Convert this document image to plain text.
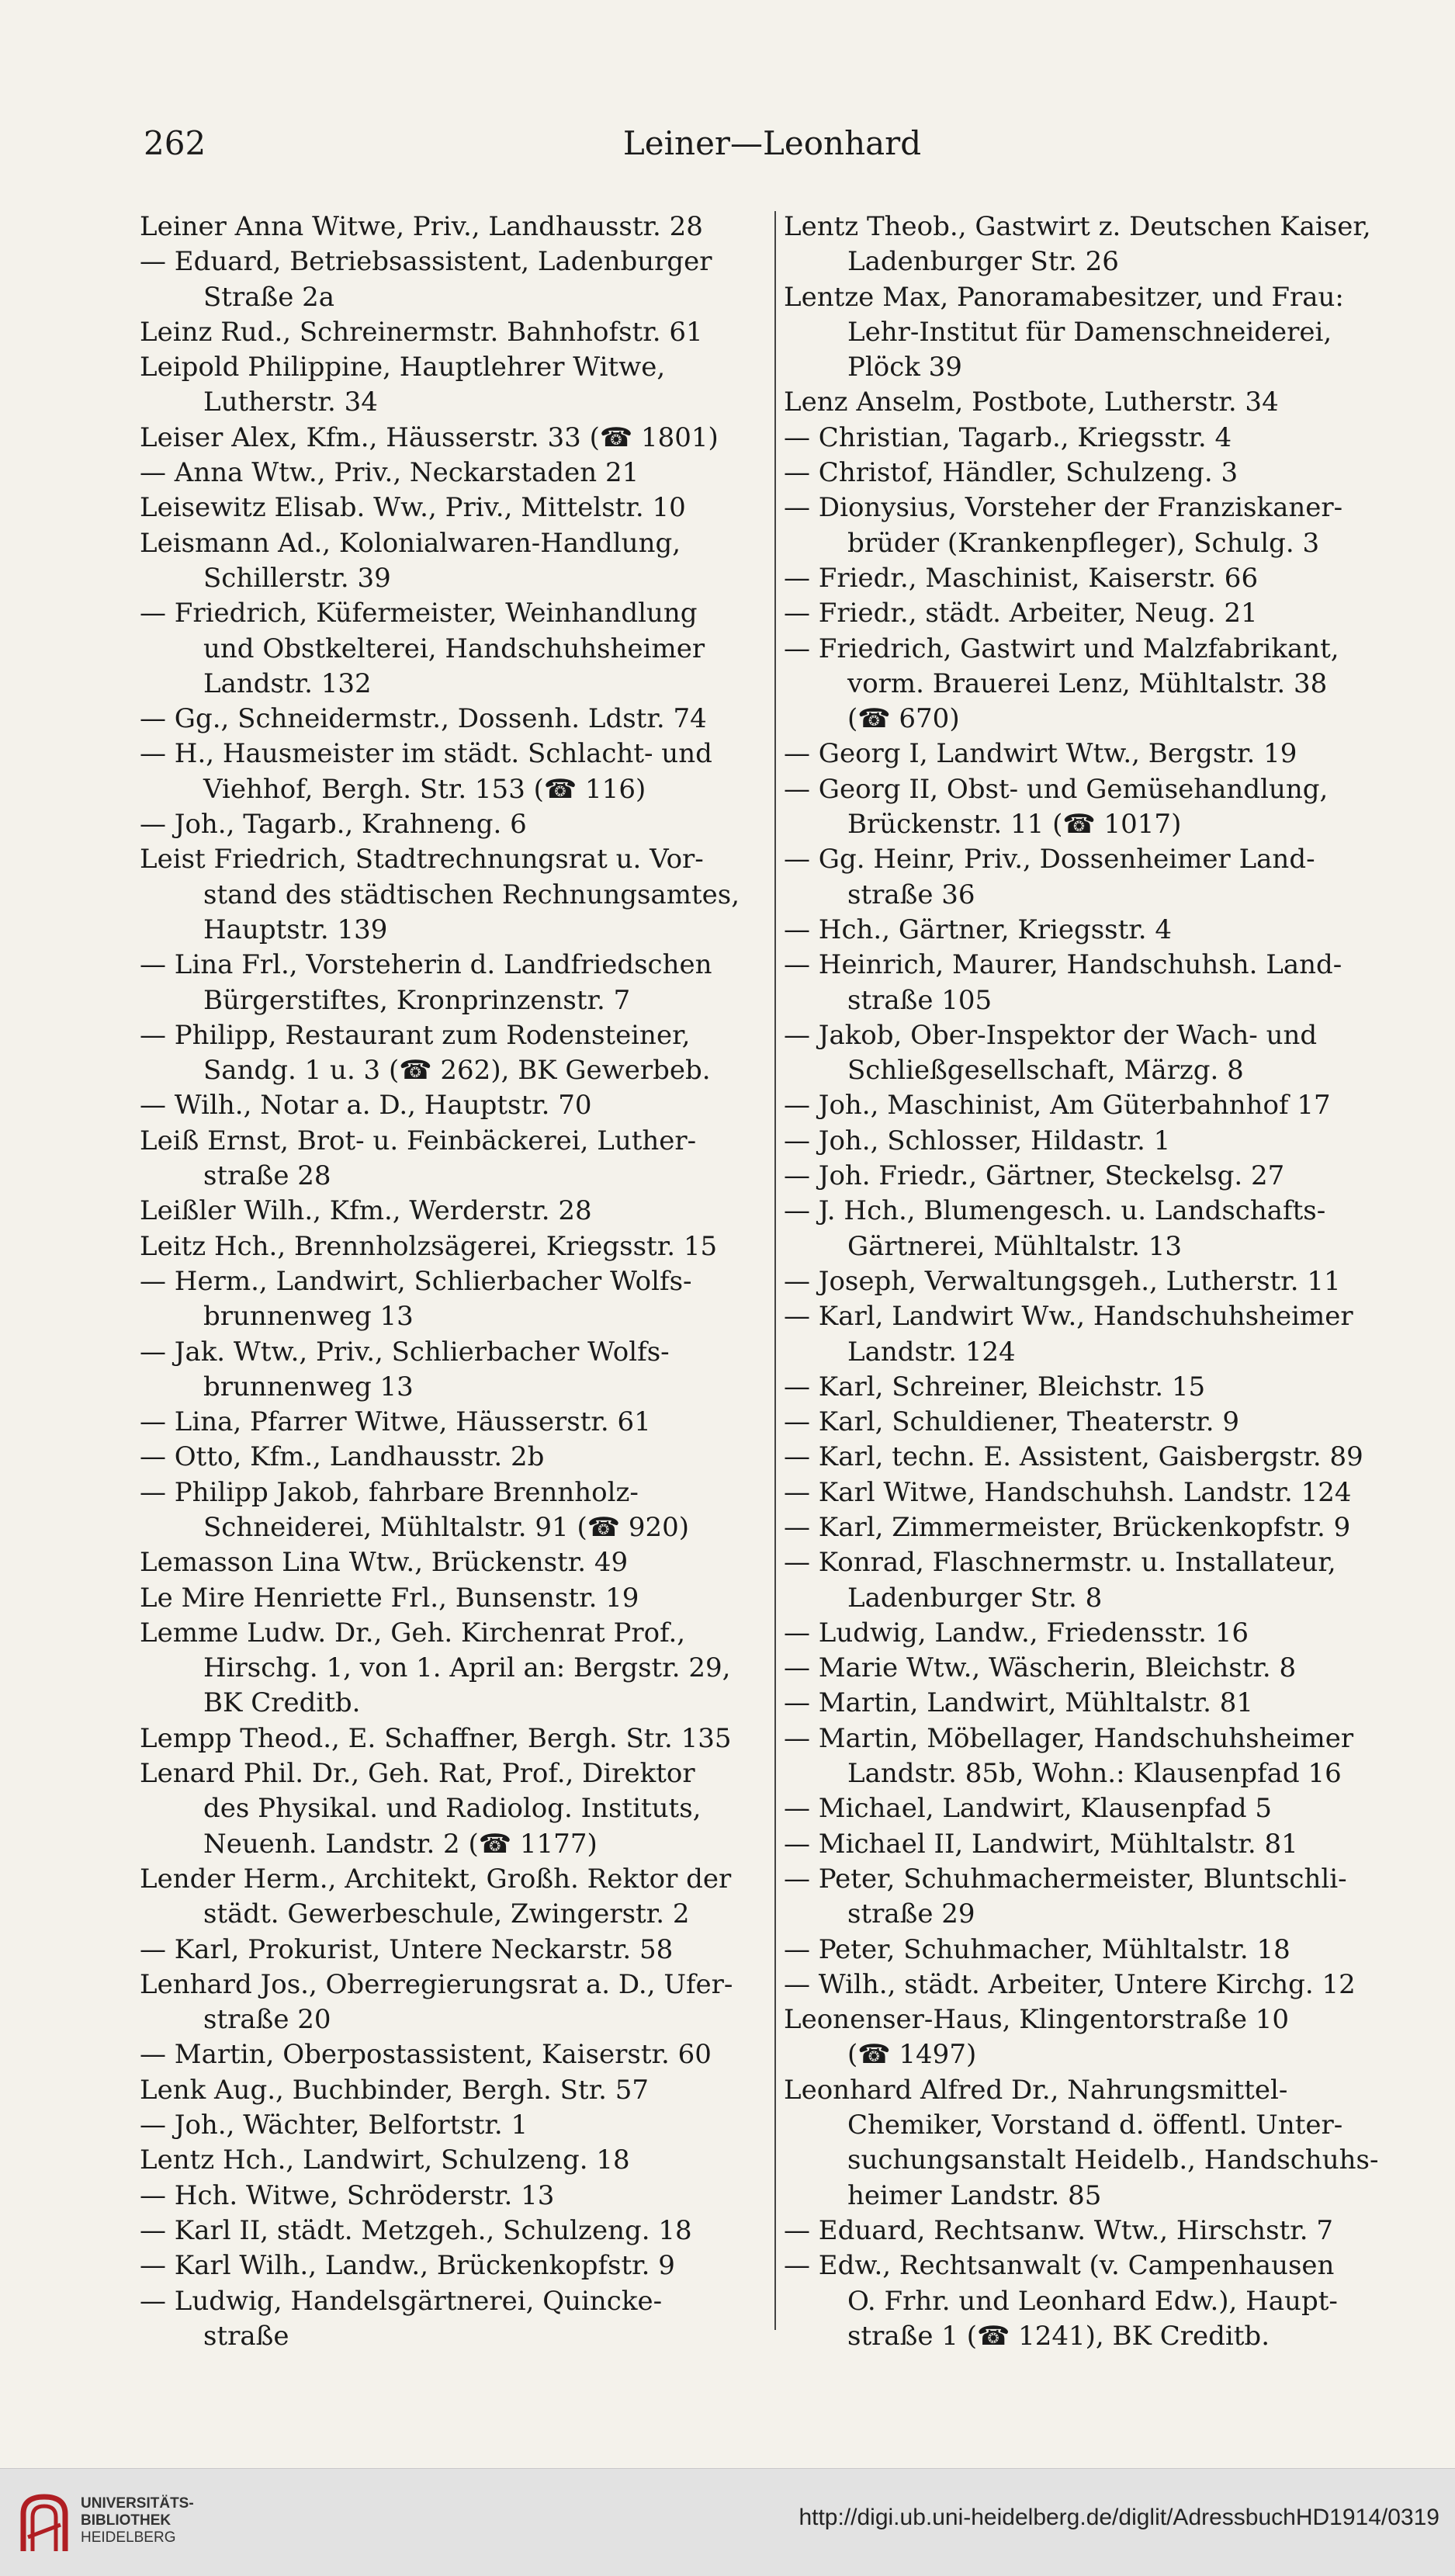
262	Leiner—Leonhard
Leiner Anna Witwe, Priv., Landhausstr. 28
— Eduard, Betriebsassistent, Ladenburger
Straße 2a
Leinz Rud., Schreinermstr. Bahnhofstr. 61
Leipold Philippine, Hauptlehrer Witwe,
Lutherstr. 34
Leiser Alex, Kfm., Häusserstr. 33 (☎ 1801)
— Anna Wtw., Priv., Neckarstaden 21
Leisewitz Elisab. Ww., Priv., Mittelstr. 10
Leismann Ad., Kolonialwaren-Handlung,
Schillerstr. 39
— Friedrich, Küfermeister, Weinhandlung
und Obstkelterei, Handschuhsheimer
Landstr. 132
— Gg., Schneidermstr., Dossenh. Ldstr. 74
— H., Hausmeister im städt. Schlacht- und
Viehhof, Bergh. Str. 153 (☎ 116)
— Joh., Tagarb., Krahneng. 6
Leist Friedrich, Stadtrechnungsrat u. Vor-
stand des städtischen Rechnungsamtes,
Hauptstr. 139
— Lina Frl., Vorsteherin d. Landfriedschen
Bürgerstiftes, Kronprinzenstr. 7
— Philipp, Restaurant zum Rodensteiner,
Sandg. 1 u. 3 (☎ 262), BK Gewerbeb.
— Wilh., Notar a. D., Hauptstr. 70
Leiß Ernst, Brot- u. Feinbäckerei, Luther-
straße 28
Leißler Wilh., Kfm., Werderstr. 28
Leitz Hch., Brennholzsägerei, Kriegsstr. 15
— Herm., Landwirt, Schlierbacher Wolfs-
brunnenweg 13
— Jak. Wtw., Priv., Schlierbacher Wolfs-
brunnenweg 13
— Lina, Pfarrer Witwe, Häusserstr. 61
— Otto, Kfm., Landhausstr. 2b
— Philipp Jakob, fahrbare Brennholz-
Schneiderei, Mühltalstr. 91 (☎ 920)
Lemasson Lina Wtw., Brückenstr. 49
Le Mire Henriette Frl., Bunsenstr. 19
Lemme Ludw. Dr., Geh. Kirchenrat Prof.,
Hirschg. 1, von 1. April an: Bergstr. 29,
BK Creditb.
Lempp Theod., E. Schaffner, Bergh. Str. 135
Lenard Phil. Dr., Geh. Rat, Prof., Direktor
des Physikal. und Radiolog. Instituts,
Neuenh. Landstr. 2 (☎ 1177)
Lender Herm., Architekt, Großh. Rektor der
städt. Gewerbeschule, Zwingerstr. 2
— Karl, Prokurist, Untere Neckarstr. 58
Lenhard Jos., Oberregierungsrat a. D., Ufer-
straße 20
— Martin, Oberpostassistent, Kaiserstr. 60
Lenk Aug., Buchbinder, Bergh. Str. 57
— Joh., Wächter, Belfortstr. 1
Lentz Hch., Landwirt, Schulzeng. 18
— Hch. Witwe, Schröderstr. 13
— Karl II, städt. Metzgeh., Schulzeng. 18
— Karl Wilh., Landw., Brückenkopfstr. 9
— Ludwig, Handelsgärtnerei, Quincke-
straße
Lentz Theob., Gastwirt z. Deutschen Kaiser,
Ladenburger Str. 26
Lentze Max, Panoramabesitzer, und Frau:
Lehr-Institut für Damenschneiderei,
Plöck 39
Lenz Anselm, Postbote, Lutherstr. 34
— Christian, Tagarb., Kriegsstr. 4
— Christof, Händler, Schulzeng. 3
— Dionysius, Vorsteher der Franziskaner-
brüder (Krankenpfleger), Schulg. 3
— Friedr., Maschinist, Kaiserstr. 66
— Friedr., städt. Arbeiter, Neug. 21
— Friedrich, Gastwirt und Malzfabrikant,
vorm. Brauerei Lenz, Mühltalstr. 38
(☎ 670)
— Georg I, Landwirt Wtw., Bergstr. 19
— Georg II, Obst- und Gemüsehandlung,
Brückenstr. 11 (☎ 1017)
— Gg. Heinr, Priv., Dossenheimer Land-
straße 36
— Hch., Gärtner, Kriegsstr. 4
— Heinrich, Maurer, Handschuhsh. Land-
straße 105
— Jakob, Ober-Inspektor der Wach- und
Schließgesellschaft, Märzg. 8
— Joh., Maschinist, Am Güterbahnhof 17
— Joh., Schlosser, Hildastr. 1
— Joh. Friedr., Gärtner, Steckelsg. 27
— J. Hch., Blumengesch. u. Landschafts-
Gärtnerei, Mühltalstr. 13
— Joseph, Verwaltungsgeh., Lutherstr. 11
— Karl, Landwirt Ww., Handschuhsheimer
Landstr. 124
— Karl, Schreiner, Bleichstr. 15
— Karl, Schuldiener, Theaterstr. 9
— Karl, techn. E. Assistent, Gaisbergstr. 89
— Karl Witwe, Handschuhsh. Landstr. 124
— Karl, Zimmermeister, Brückenkopfstr. 9
— Konrad, Flaschnermstr. u. Installateur,
Ladenburger Str. 8
— Ludwig, Landw., Friedensstr. 16
— Marie Wtw., Wäscherin, Bleichstr. 8
— Martin, Landwirt, Mühltalstr. 81
— Martin, Möbellager, Handschuhsheimer
Landstr. 85b, Wohn.: Klausenpfad 16
— Michael, Landwirt, Klausenpfad 5
— Michael II, Landwirt, Mühltalstr. 81
— Peter, Schuhmachermeister, Bluntschli-
straße 29
— Peter, Schuhmacher, Mühltalstr. 18
— Wilh., städt. Arbeiter, Untere Kirchg. 12
Leonenser-Haus, Klingentorstraße 10
(☎ 1497)
Leonhard Alfred Dr., Nahrungsmittel-
Chemiker, Vorstand d. öffentl. Unter-
suchungsanstalt Heidelb., Handschuhs-
heimer Landstr. 85
— Eduard, Rechtsanw. Wtw., Hirschstr. 7
— Edw., Rechtsanwalt (v. Campenhausen
O. Frhr. und Leonhard Edw.), Haupt-
straße 1 (☎ 1241), BK Creditb.
UNIVERSITÄTS-
BIBLIOTHEK
HEIDELBERG
http://digi.ub.uni-heidelberg.de/diglit/AdressbuchHD1914/0319
